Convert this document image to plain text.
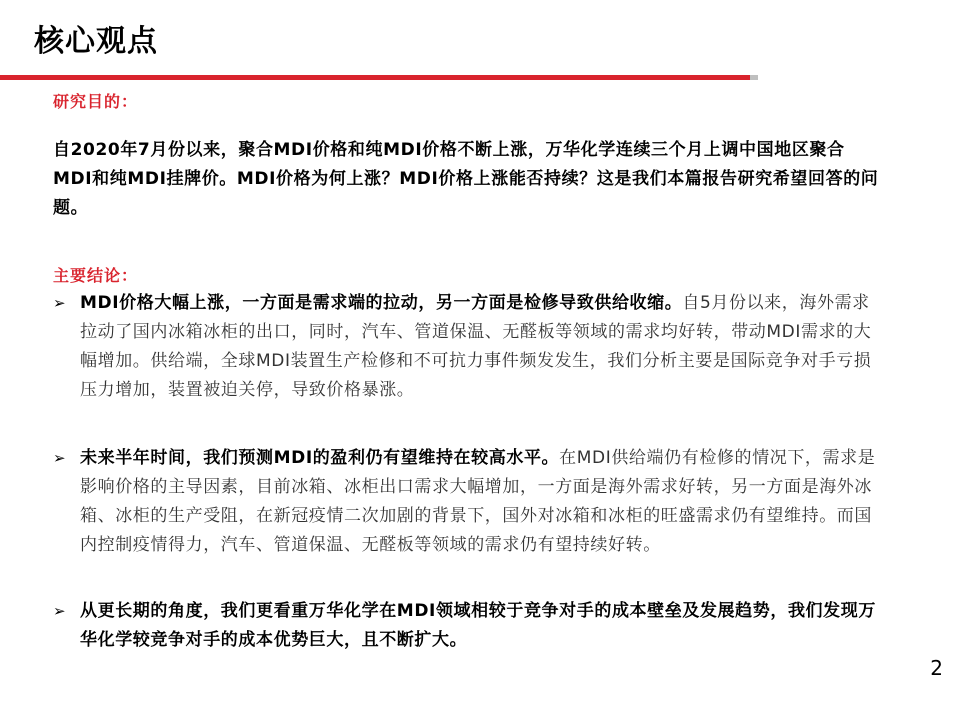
核心观点
研究目的：
自2020年7月份以来，聚合MDI价格和纯MDI价格不断上涨，万华化学连续三个月上调中国地区聚合MDI和纯MDI挂牌价。MDI价格为何上涨？MDI价格上涨能否持续？这是我们本篇报告研究希望回答的问题。
主要结论：
➢ MDI价格大幅上涨，一方面是需求端的拉动，另一方面是检修导致供给收缩。自5月份以来，海外需求拉动了国内冰箱冰柜的出口，同时，汽车、管道保温、无醛板等领域的需求均好转，带动MDI需求的大幅增加。供给端，全球MDI装置生产检修和不可抗力事件频发发生，我们分析主要是国际竞争对手亏损压力增加，装置被迫关停，导致价格暴涨。
➢ 未来半年时间，我们预测MDI的盈利仍有望维持在较高水平。在MDI供给端仍有检修的情况下，需求是影响价格的主导因素，目前冰箱、冰柜出口需求大幅增加，一方面是海外需求好转，另一方面是海外冰箱、冰柜的生产受阻，在新冠疫情二次加剧的背景下，国外对冰箱和冰柜的旺盛需求仍有望维持。而国内控制疫情得力，汽车、管道保温、无醛板等领域的需求仍有望持续好转。
➢ 从更长期的角度，我们更看重万华化学在MDI领域相较于竞争对手的成本壁垒及发展趋势，我们发现万华化学较竞争对手的成本优势巨大，且不断扩大。
2
